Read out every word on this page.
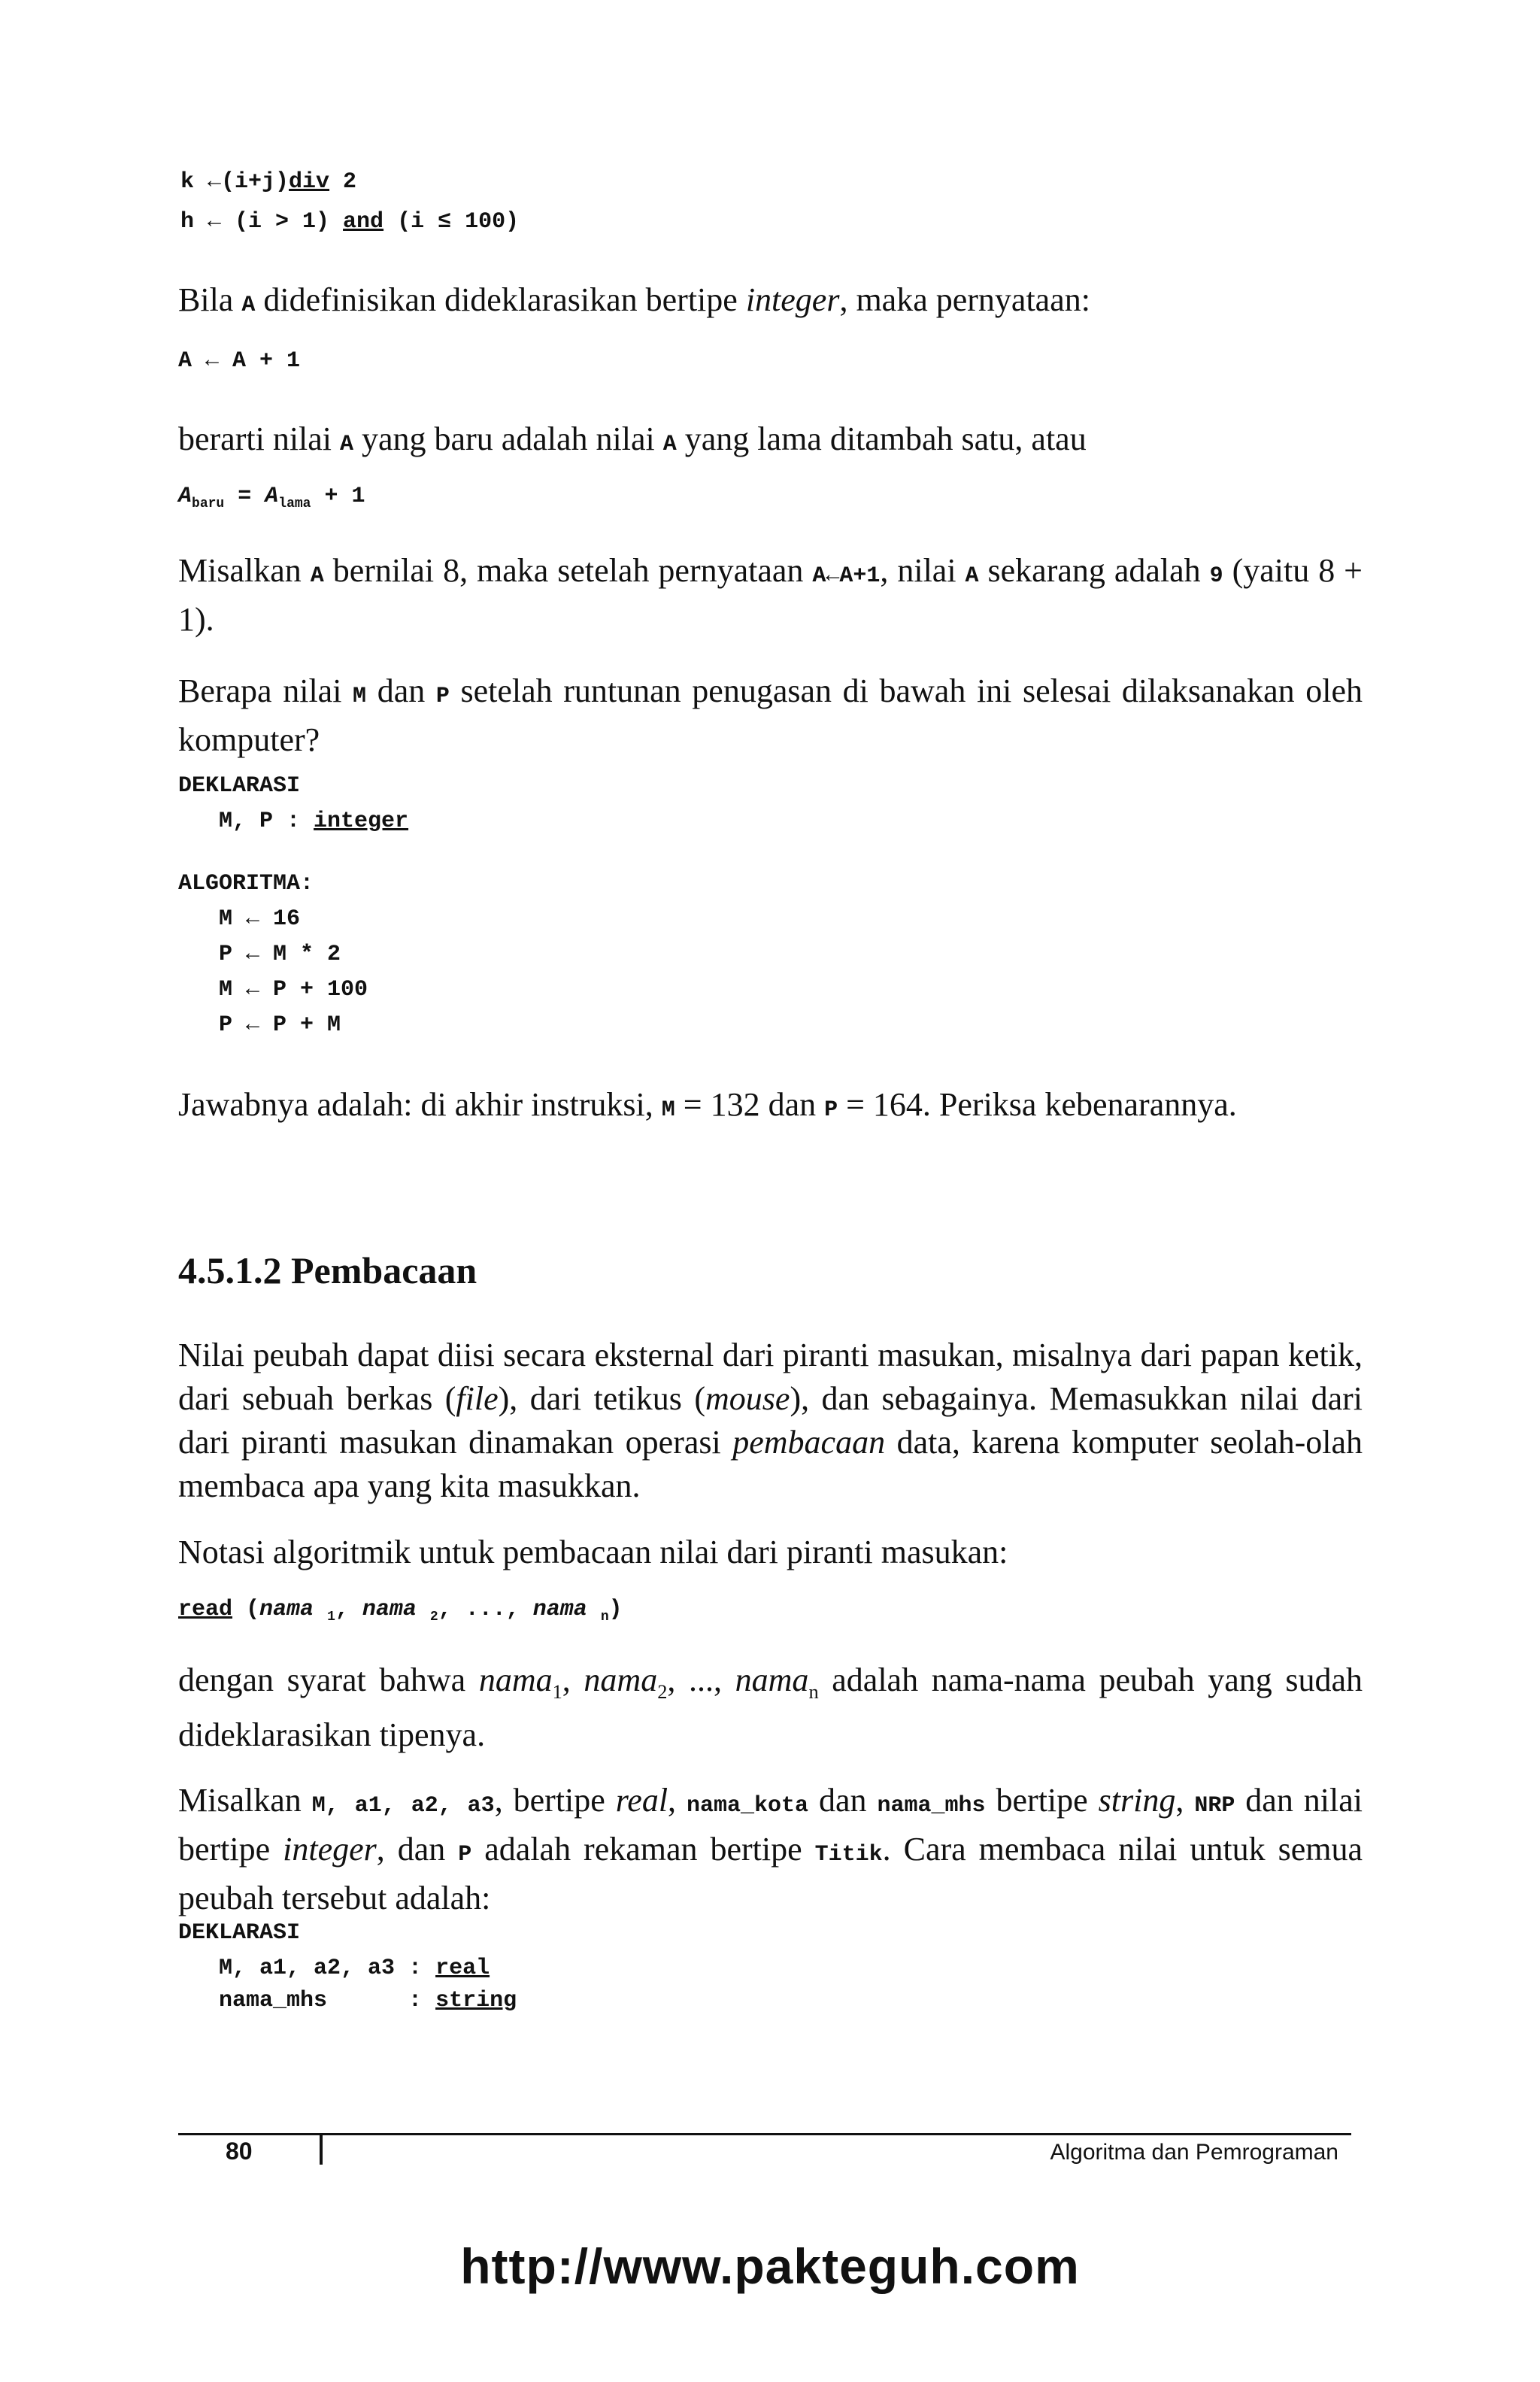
k ←(i+j)div 2
h ← (i > 1) and (i ≤ 100)
Bila A didefinisikan dideklarasikan bertipe integer, maka pernyataan:
A ← A + 1
berarti nilai A yang baru adalah nilai A yang lama ditambah satu, atau
$A_{baru} = A_{lama} + 1$
Misalkan A bernilai 8, maka setelah pernyataan A←A+1, nilai A sekarang adalah 9 (yaitu 8 + 1).
Berapa nilai M dan P setelah runtunan penugasan di bawah ini selesai dilaksanakan oleh komputer?
DEKLARASI
M, P : integer
ALGORITMA:
M ← 16
P ← M * 2
M ← P + 100
P ← P + M
Jawabnya adalah: di akhir instruksi, M = 132 dan P = 164. Periksa kebenarannya.
4.5.1.2 Pembacaan
Nilai peubah dapat diisi secara eksternal dari piranti masukan, misalnya dari papan ketik, dari sebuah berkas (file), dari tetikus (mouse), dan sebagainya. Memasukkan nilai dari dari piranti masukan dinamakan operasi pembacaan data, karena komputer seolah-olah membaca apa yang kita masukkan.
Notasi algoritmik untuk pembacaan nilai dari piranti masukan:
read (nama $_1$, nama $_2$, ..., nama $_n$)
dengan syarat bahwa nama$_1$, nama$_2$, ..., nama$_n$ adalah nama-nama peubah yang sudah dideklarasikan tipenya.
Misalkan M, a1, a2, a3, bertipe real, nama_kota dan nama_mhs bertipe string, NRP dan nilai bertipe integer, dan P adalah rekaman bertipe Titik. Cara membaca nilai untuk semua peubah tersebut adalah:
DEKLARASI
M, a1, a2, a3 : real
nama_mhs      : string
80	Algoritma dan Pemrograman
http://www.pakteguh.com
